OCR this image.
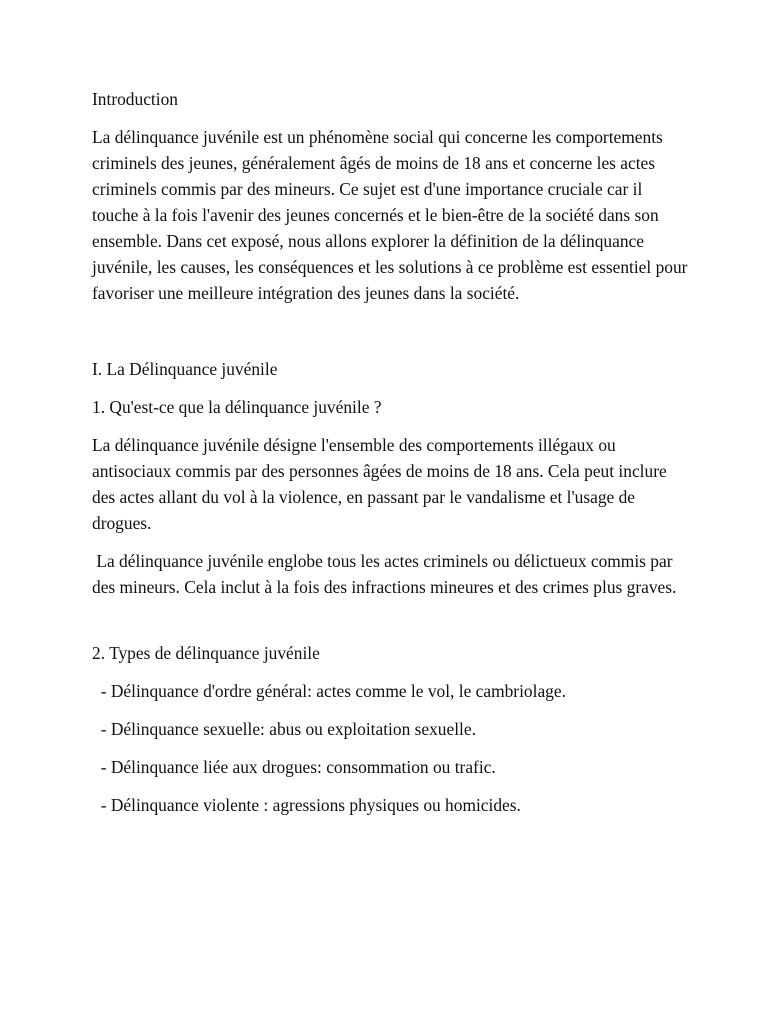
Introduction

La délinquance juvénile est un phénomène social qui concerne les comportements criminels des jeunes, généralement âgés de moins de 18 ans et concerne les actes criminels commis par des mineurs. Ce sujet est d'une importance cruciale car il touche à la fois l'avenir des jeunes concernés et le bien-être de la société dans son ensemble. Dans cet exposé, nous allons explorer la définition de la délinquance juvénile, les causes, les conséquences et les solutions à ce problème est essentiel pour favoriser une meilleure intégration des jeunes dans la société.

I. La Délinquance juvénile

1. Qu'est-ce que la délinquance juvénile ?

La délinquance juvénile désigne l'ensemble des comportements illégaux ou antisociaux commis par des personnes âgées de moins de 18 ans. Cela peut inclure des actes allant du vol à la violence, en passant par le vandalisme et l'usage de drogues.

La délinquance juvénile englobe tous les actes criminels ou délictueux commis par des mineurs. Cela inclut à la fois des infractions mineures et des crimes plus graves.

2. Types de délinquance juvénile

- Délinquance d'ordre général: actes comme le vol, le cambriolage.

- Délinquance sexuelle: abus ou exploitation sexuelle.

- Délinquance liée aux drogues: consommation ou trafic.

- Délinquance violente : agressions physiques ou homicides.
